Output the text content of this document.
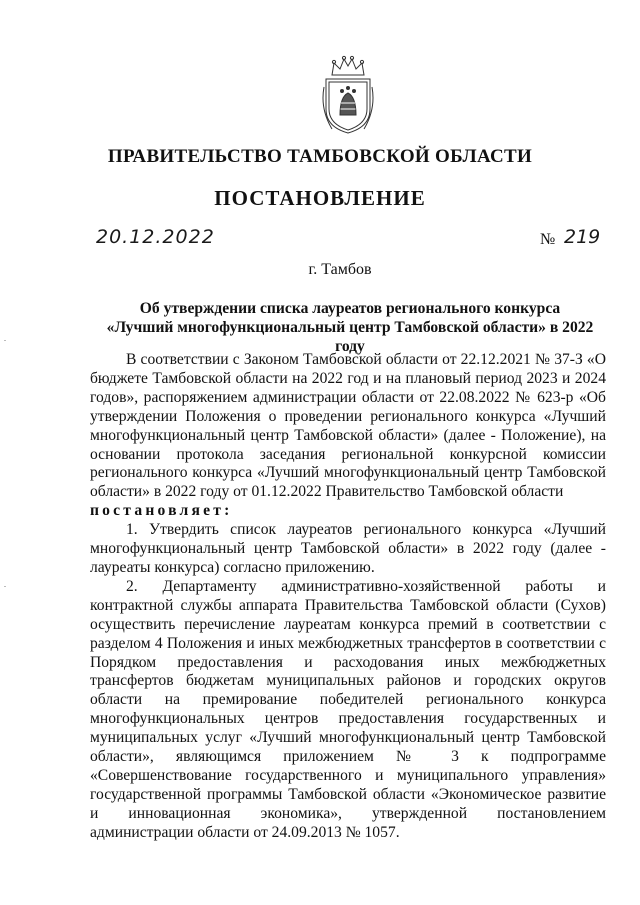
ПРАВИТЕЛЬСТВО ТАМБОВСКОЙ ОБЛАСТИ
ПОСТАНОВЛЕНИЕ
20.12.2022	№ 219
г. Тамбов
Об утверждении списка лауреатов регионального конкурса
«Лучший многофункциональный центр Тамбовской области» в 2022 году

В соответствии с Законом Тамбовской области от 22.12.2021 № 37-З «О бюджете Тамбовской области на 2022 год и на плановый период 2023 и 2024 годов», распоряжением администрации области от 22.08.2022 № 623-р «Об утверждении Положения о проведении регионального конкурса «Лучший многофункциональный центр Тамбовской области» (далее - Положение), на основании протокола заседания региональной конкурсной комиссии регионального конкурса «Лучший многофункциональный центр Тамбовской области» в 2022 году от 01.12.2022 Правительство Тамбовской области
постановляет:

1. Утвердить список лауреатов регионального конкурса «Лучший многофункциональный центр Тамбовской области» в 2022 году (далее - лауреаты конкурса) согласно приложению.

2. Департаменту административно-хозяйственной работы и контрактной службы аппарата Правительства Тамбовской области (Сухов) осуществить перечисление лауреатам конкурса премий в соответствии с разделом 4 Положения и иных межбюджетных трансфертов в соответствии с Порядком предоставления и расходования иных межбюджетных трансфертов бюджетам муниципальных районов и городских округов области на премирование победителей регионального конкурса многофункциональных центров предоставления государственных и муниципальных услуг «Лучший многофункциональный центр Тамбовской области», являющимся приложением № 3 к подпрограмме «Совершенствование государственного и муниципального управления» государственной программы Тамбовской области «Экономическое развитие и инновационная экономика», утвержденной постановлением администрации области от 24.09.2013 № 1057.
